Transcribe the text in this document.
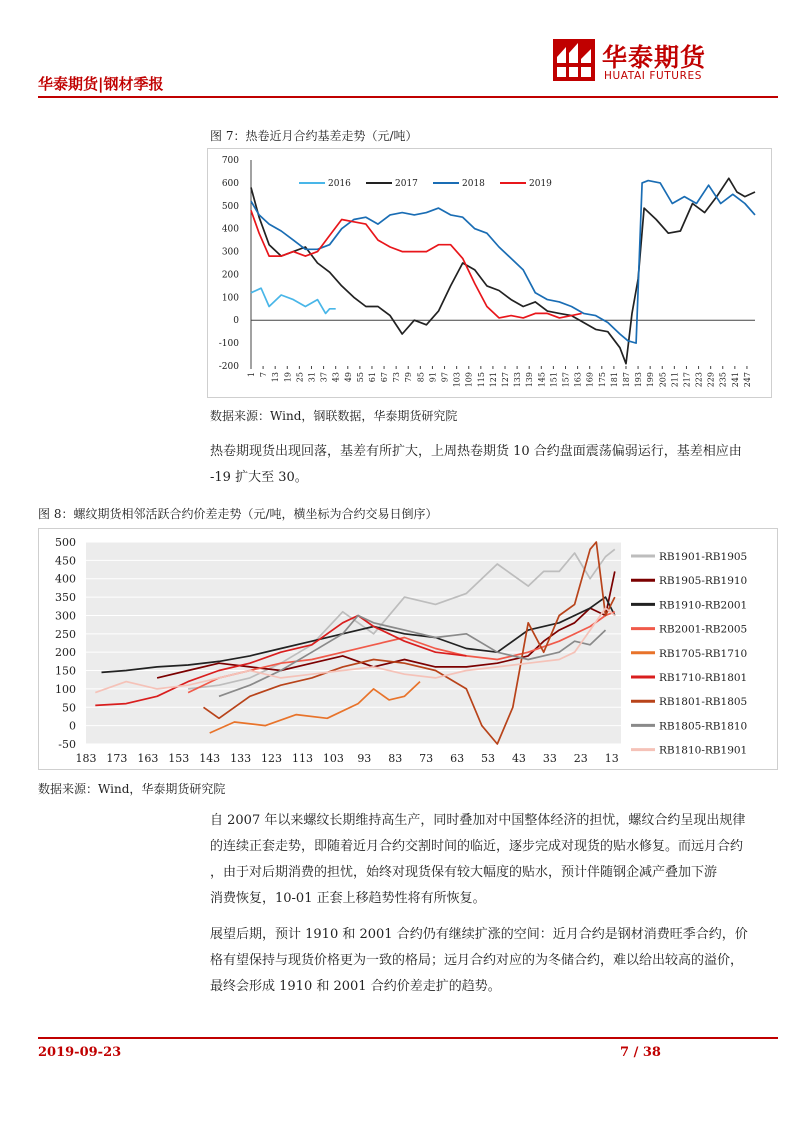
华泰期货|钢材季报
华泰期货
HUATAI FUTURES
图 7：热卷近月合约基差走势（元/吨）
-200
-100
0
100
200
300
400
500
600
700
1 7 13 19 25 31 37 43 49 55 61 67 73 79 85 91 97 103 109 115 121 127 133 139 145 151 157 163 169 175 181 187 193 199 205 211 217 223 229 235 241 247
2016	2017	2018	2019
数据来源：Wind，钢联数据，华泰期货研究院
热卷期现货出现回落，基差有所扩大，上周热卷期货 10 合约盘面震荡偏弱运行，基差相应由
-19 扩大至 30。
图 8：螺纹期货相邻活跃合约价差走势（元/吨，横坐标为合约交易日倒序）
-50
0
50
100
150
200
250
300
350
400
450
500
183 173 163 153 143 133 123 113 103 93 83 73 63 53 43 33 23 13
RB1901-RB1905
RB1905-RB1910
RB1910-RB2001
RB2001-RB2005
RB1705-RB1710
RB1710-RB1801
RB1801-RB1805
RB1805-RB1810
RB1810-RB1901
数据来源：Wind，华泰期货研究院
自 2007 年以来螺纹长期维持高生产，同时叠加对中国整体经济的担忧，螺纹合约呈现出规律
的连续正套走势，即随着近月合约交割时间的临近，逐步完成对现货的贴水修复。而远月合约
，由于对后期消费的担忧，始终对现货保有较大幅度的贴水，预计伴随钢企减产叠加下游
消费恢复，10-01 正套上移趋势性将有所恢复。
展望后期，预计 1910 和 2001 合约仍有继续扩涨的空间：近月合约是钢材消费旺季合约，价
格有望保持与现货价格更为一致的格局；远月合约对应的为冬储合约，难以给出较高的溢价，
最终会形成 1910 和 2001 合约价差走扩的趋势。
2019-09-23	7 / 38
